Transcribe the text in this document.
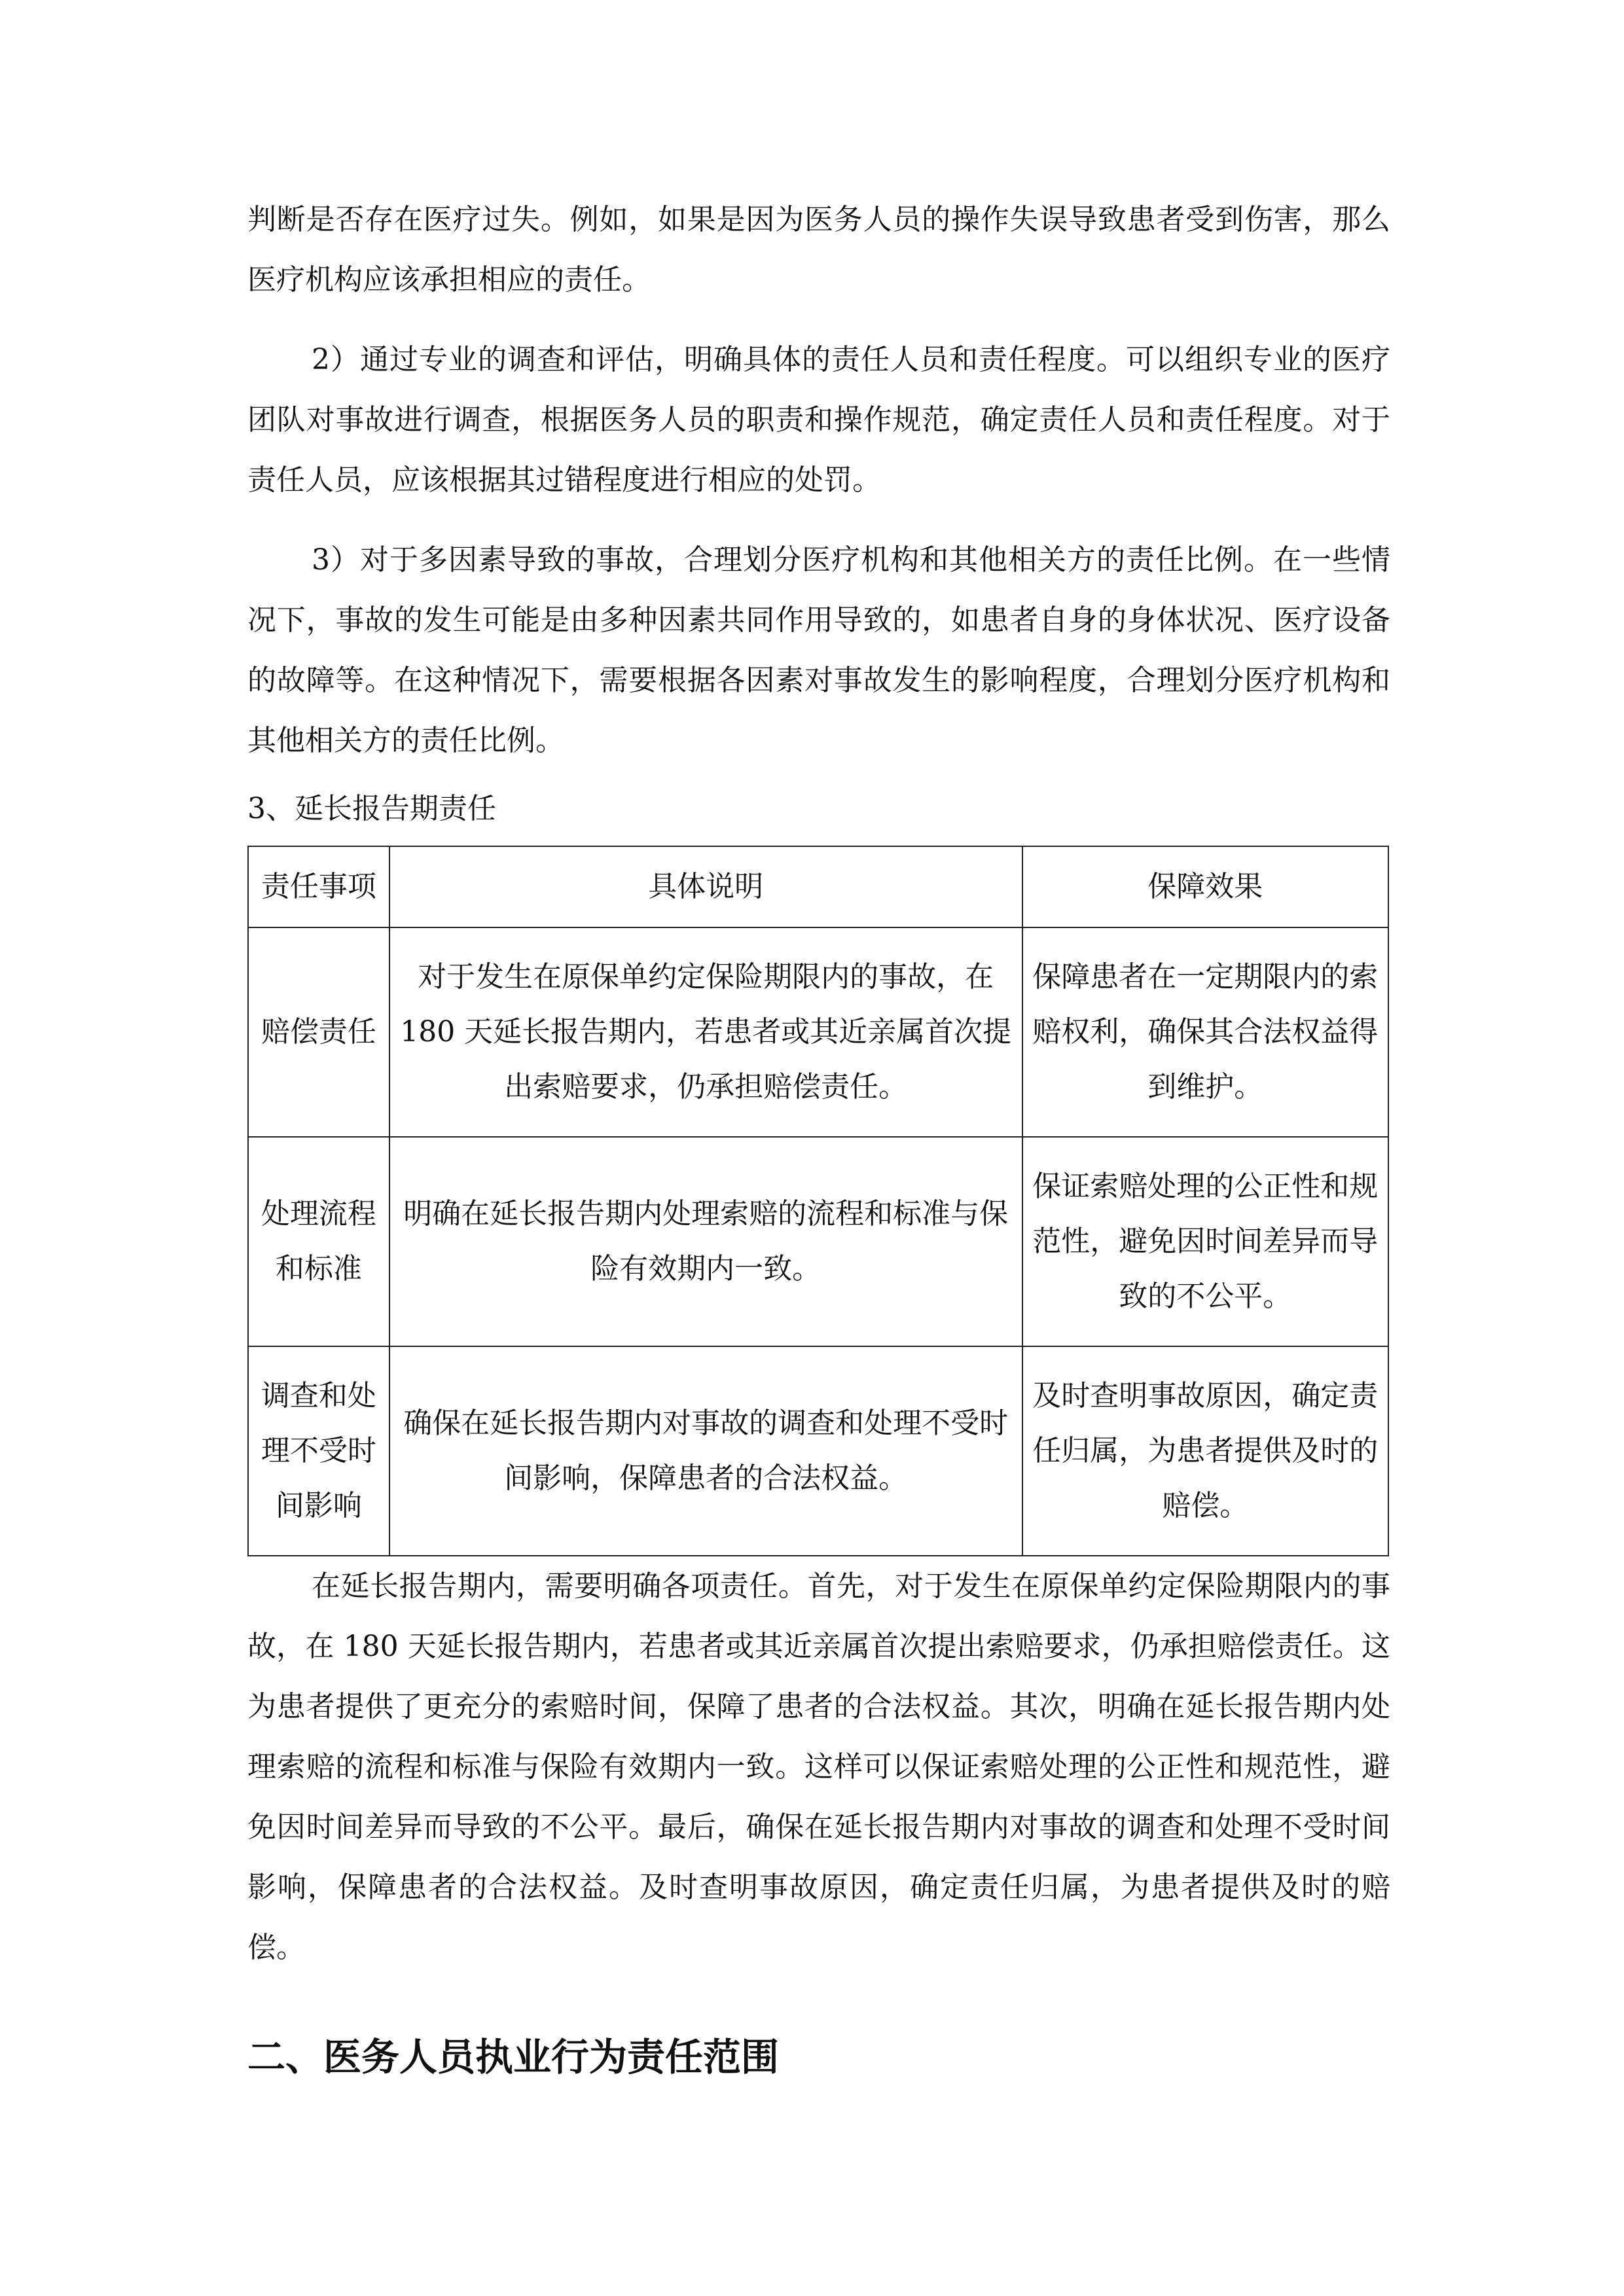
判断是否存在医疗过失。例如，如果是因为医务人员的操作失误导致患者受到伤害，那么医疗机构应该承担相应的责任。

2）通过专业的调查和评估，明确具体的责任人员和责任程度。可以组织专业的医疗团队对事故进行调查，根据医务人员的职责和操作规范，确定责任人员和责任程度。对于责任人员，应该根据其过错程度进行相应的处罚。

3）对于多因素导致的事故，合理划分医疗机构和其他相关方的责任比例。在一些情况下，事故的发生可能是由多种因素共同作用导致的，如患者自身的身体状况、医疗设备的故障等。在这种情况下，需要根据各因素对事故发生的影响程度，合理划分医疗机构和其他相关方的责任比例。

3、延长报告期责任

责任事项	具体说明	保障效果
赔偿责任	对于发生在原保单约定保险期限内的事故，在 180 天延长报告期内，若患者或其近亲属首次提出索赔要求，仍承担赔偿责任。	保障患者在一定期限内的索赔权利，确保其合法权益得到维护。
处理流程和标准	明确在延长报告期内处理索赔的流程和标准与保险有效期内一致。	保证索赔处理的公正性和规范性，避免因时间差异而导致的不公平。
调查和处理不受时间影响	确保在延长报告期内对事故的调查和处理不受时间影响，保障患者的合法权益。	及时查明事故原因，确定责任归属，为患者提供及时的赔偿。

在延长报告期内，需要明确各项责任。首先，对于发生在原保单约定保险期限内的事故，在 180 天延长报告期内，若患者或其近亲属首次提出索赔要求，仍承担赔偿责任。这为患者提供了更充分的索赔时间，保障了患者的合法权益。其次，明确在延长报告期内处理索赔的流程和标准与保险有效期内一致。这样可以保证索赔处理的公正性和规范性，避免因时间差异而导致的不公平。最后，确保在延长报告期内对事故的调查和处理不受时间影响，保障患者的合法权益。及时查明事故原因，确定责任归属，为患者提供及时的赔偿。

二、医务人员执业行为责任范围
